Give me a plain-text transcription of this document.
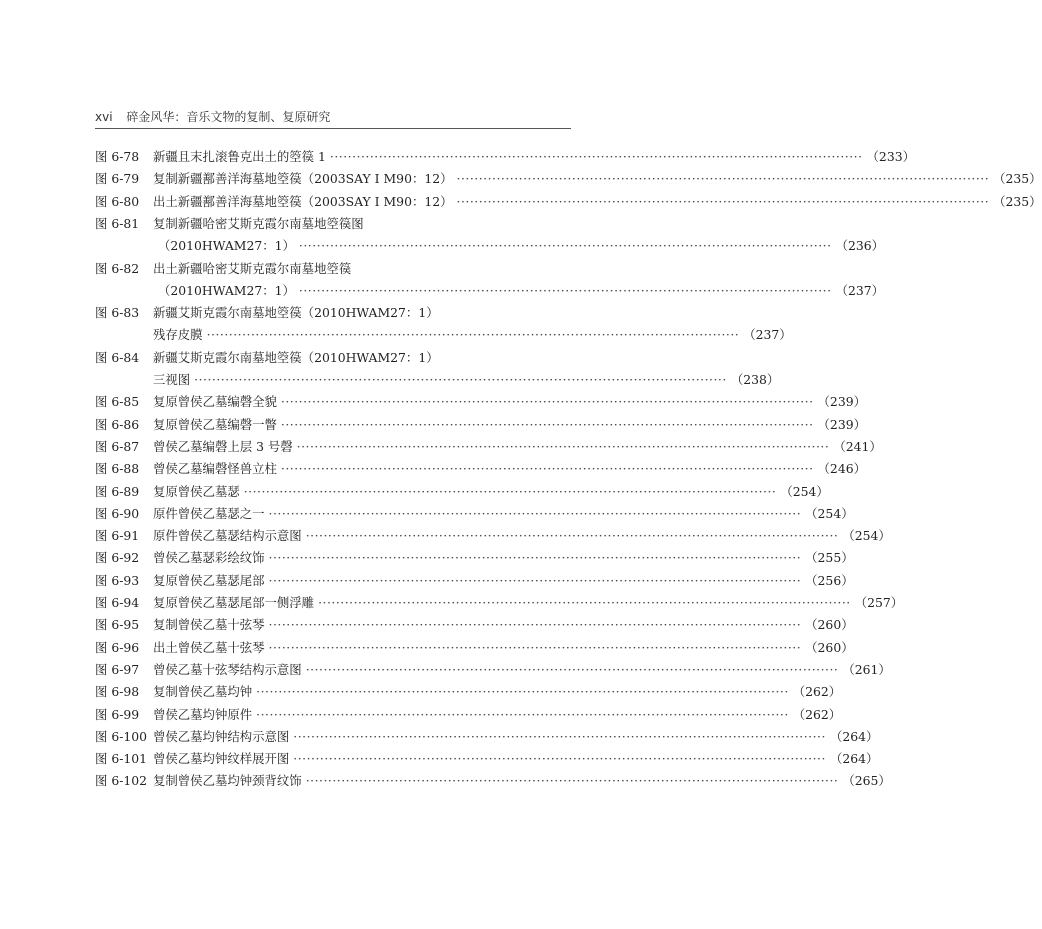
xvi 碎金风华：音乐文物的复制、复原研究
图 6-78	新疆且末扎滚鲁克出土的箜篌 1 ························································································································ （233）
图 6-79	复制新疆鄯善洋海墓地箜篌（2003SAY Ⅰ M90：12） ························································································································ （235）
图 6-80	出土新疆鄯善洋海墓地箜篌（2003SAY Ⅰ M90：12） ························································································································ （235）
图 6-81	复制新疆哈密艾斯克霞尔南墓地箜篌图
（2010HWAM27：1） ························································································································ （236）
图 6-82	出土新疆哈密艾斯克霞尔南墓地箜篌
（2010HWAM27：1） ························································································································ （237）
图 6-83	新疆艾斯克霞尔南墓地箜篌（2010HWAM27：1）
残存皮膜 ························································································································ （237）
图 6-84	新疆艾斯克霞尔南墓地箜篌（2010HWAM27：1）
三视图 ························································································································ （238）
图 6-85	复原曾侯乙墓编磬全貌 ························································································································ （239）
图 6-86	复原曾侯乙墓编磬一瞥 ························································································································ （239）
图 6-87	曾侯乙墓编磬上层 3 号磬 ························································································································ （241）
图 6-88	曾侯乙墓编磬怪兽立柱 ························································································································ （246）
图 6-89	复原曾侯乙墓瑟 ························································································································ （254）
图 6-90	原件曾侯乙墓瑟之一 ························································································································ （254）
图 6-91	原件曾侯乙墓瑟结构示意图 ························································································································ （254）
图 6-92	曾侯乙墓瑟彩绘纹饰 ························································································································ （255）
图 6-93	复原曾侯乙墓瑟尾部 ························································································································ （256）
图 6-94	复原曾侯乙墓瑟尾部一侧浮雕 ························································································································ （257）
图 6-95	复制曾侯乙墓十弦琴 ························································································································ （260）
图 6-96	出土曾侯乙墓十弦琴 ························································································································ （260）
图 6-97	曾侯乙墓十弦琴结构示意图 ························································································································ （261）
图 6-98	复制曾侯乙墓均钟 ························································································································ （262）
图 6-99	曾侯乙墓均钟原件 ························································································································ （262）
图 6-100 曾侯乙墓均钟结构示意图 ························································································································ （264）
图 6-101 曾侯乙墓均钟纹样展开图 ························································································································ （264）
图 6-102 复制曾侯乙墓均钟颈背纹饰 ························································································································ （265）
